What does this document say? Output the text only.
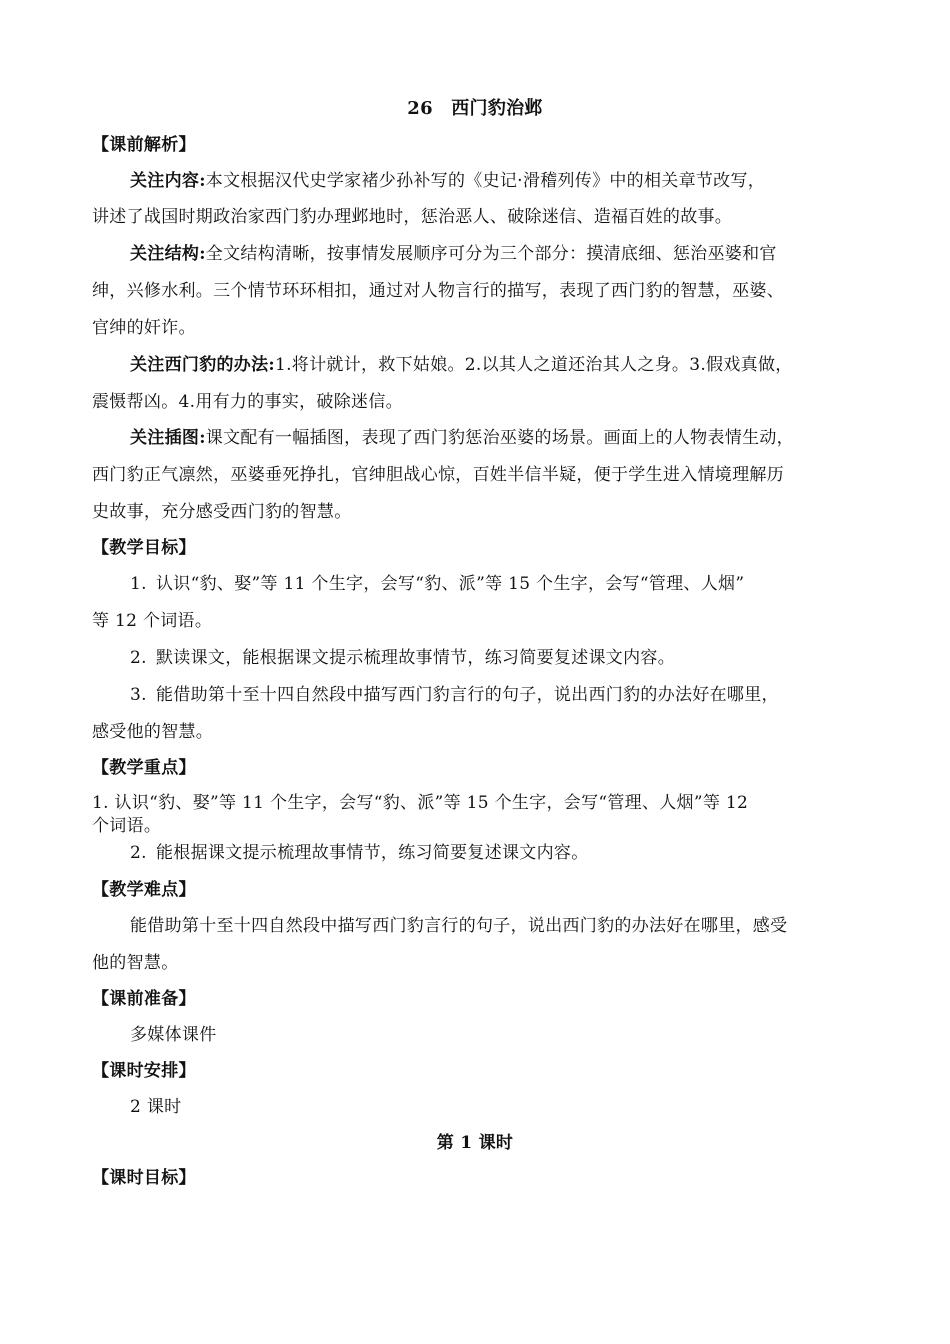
26　西门豹治邺
【课前解析】
关注内容:本文根据汉代史学家褚少孙补写的《史记·滑稽列传》中的相关章节改写，
讲述了战国时期政治家西门豹办理邺地时，惩治恶人、破除迷信、造福百姓的故事。
关注结构:全文结构清晰，按事情发展顺序可分为三个部分：摸清底细、惩治巫婆和官
绅，兴修水利。三个情节环环相扣，通过对人物言行的描写，表现了西门豹的智慧，巫婆、
官绅的奸诈。
关注西门豹的办法:1.将计就计，救下姑娘。2.以其人之道还治其人之身。3.假戏真做，
震慑帮凶。4.用有力的事实，破除迷信。
关注插图:课文配有一幅插图，表现了西门豹惩治巫婆的场景。画面上的人物表情生动，
西门豹正气凛然，巫婆垂死挣扎，官绅胆战心惊，百姓半信半疑，便于学生进入情境理解历
史故事，充分感受西门豹的智慧。
【教学目标】
1. 认识“豹、娶”等 11 个生字，会写“豹、派”等 15 个生字，会写“管理、人烟”
等 12 个词语。
2. 默读课文，能根据课文提示梳理故事情节，练习简要复述课文内容。
3. 能借助第十至十四自然段中描写西门豹言行的句子，说出西门豹的办法好在哪里，
感受他的智慧。
【教学重点】
1. 认识“豹、娶”等 11 个生字，会写“豹、派”等 15 个生字，会写“管理、人烟”等 12
个词语。
2. 能根据课文提示梳理故事情节，练习简要复述课文内容。
【教学难点】
能借助第十至十四自然段中描写西门豹言行的句子，说出西门豹的办法好在哪里，感受
他的智慧。
【课前准备】
多媒体课件
【课时安排】
2 课时
第 1 课时
【课时目标】
